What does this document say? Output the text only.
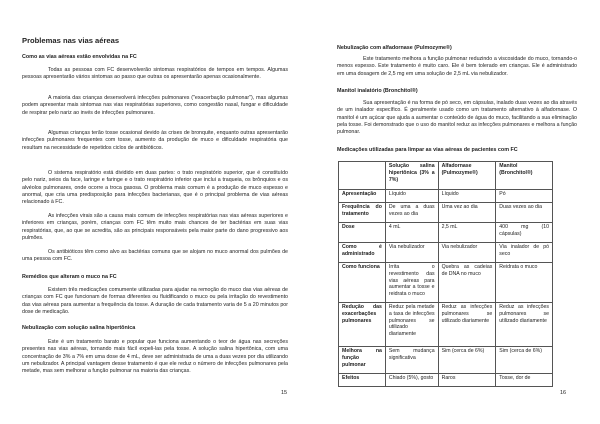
Problemas nas vias aéreas
Como as vias aéreas estão envolvidas na FC
Todas as pessoas com FC desenvolverão sintomas respiratórios de tempos em tempos. Algumas pessoas apresentarão vários sintomas ao passo que outras os apresentarão apenas ocasionalmente.
A maioria das crianças desenvolverá infecções pulmonares ("exacerbação pulmonar"), mas algumas podem apresentar mais sintomas nas vias respiratórias superiores, como congestão nasal, fungar e dificuldade de respirar pelo nariz ao invés de infecções pulmonares.
Algumas crianças terão tosse ocasional devido às crises de bronquite, enquanto outras apresentarão infecções pulmonares frequentes com tosse, aumento da produção de muco e dificuldade respiratória que resultam na necessidade de repetidos ciclos de antibióticos.
O sistema respiratório está dividido em duas partes: o trato respiratório superior, que é constituído pelo nariz, seios da face, laringe e faringe e o trato respiratório inferior que inclui a traqueia, os brônquios e os alvéolos pulmonares, onde ocorre a troca gasosa. O problema mais comum é a produção de muco espesso e anormal, que cria uma predisposição para infecções bacterianas, que é o principal problema de vias aéreas relacionado à FC.
As infecções virais são a causa mais comum de infecções respiratórias nas vias aéreas superiores e inferiores em crianças, porém, crianças com FC têm muito mais chances de ter bactérias em suas vias respiratórias, que, ao que se acredita, são as principais responsáveis pela maior parte do dano progressivo aos pulmões.
Os antibióticos têm como alvo as bactérias comuns que se alojam no muco anormal dos pulmões de uma pessoa com FC.
Remédios que alteram o muco na FC
Existem três medicações comumente utilizadas para ajudar na remoção do muco das vias aéreas de crianças com FC que funcionam de formas diferentes ou fluidificando o muco ou pela irritação do revestimento das vias aéreas para aumentar a frequência da tosse. A duração de cada tratamento varia de 5 a 20 minutos por dose de medicação.
Nebulização com solução salina hipertônica
Este é um tratamento barato e popular que funciona aumentando o teor de água nas secreções presentes nas vias aéreas, tornando mais fácil expeli-las pela tosse. A solução salina hipertônica, com uma concentração de 3% a 7% em uma dose de 4 mL, deve ser administrada de uma a duas vezes por dia utilizando um nebulizador. A principal vantagem desse tratamento é que ele reduz o número de infecções pulmonares pela metade, mas sem melhorar a função pulmonar na maioria das crianças.
15
Nebulização com alfadornase (Pulmozyme®)
Este tratamento melhora a função pulmonar reduzindo a viscosidade do muco, tornando-o menos espesso. Este tratamento é muito caro. Ele é bem tolerado em crianças. Ele é administrado em uma dosagem de 2,5 mg em uma solução de 2,5 mL via nebulizador.
Manitol inalatório (Bronchitol®)
Sua apresentação é na forma de pó seco, em cápsulas, inalado duas vezes ao dia através de um inalador específico. É geralmente usado como um tratamento alternativo à alfadornase. O manitol é um açúcar que ajuda a aumentar o conteúdo de água do muco, facilitando a sua eliminação pela tosse. Foi demonstrado que o uso do manitol reduz as infecções pulmonares e melhora a função pulmonar.
Medicações utilizadas para limpar as vias aéreas de pacientes com FC
	Solução salina hipertônica (3% a 7%)	Alfadornase (Pulmozyme®)	Manitol (Bronchitol®)
Apresentação	Líquido	Líquido	Pó
Frequência do tratamento	De uma a duas vezes ao dia	Uma vez ao dia	Duas vezes ao dia
Dose	4 mL	2,5 mL	400 mg (10 cápsulas)
Como é administrado	Via nebulizador	Via nebulizador	Via inalador de pó seco
Como funciona	Irrita o revestimento das vias aéreas para aumentar a tosse e reidrata o muco	Quebra as cadeias de DNA no muco	Reidrata o muco
Redução das exacerbações pulmonares	Reduz pela metade a taxa de infecções pulmonares se utilizado diariamente	Reduz as infecções pulmonares se utilizado diariamente	Reduz as infecções pulmonares se utilizado diariamente
Melhora na função pulmonar	Sem mudança significativa	Sim (cerca de 6%)	Sim (cerca de 6%)
Efeitos	Chiado (5%), gosto	Raros	Tosse, dor de
16
